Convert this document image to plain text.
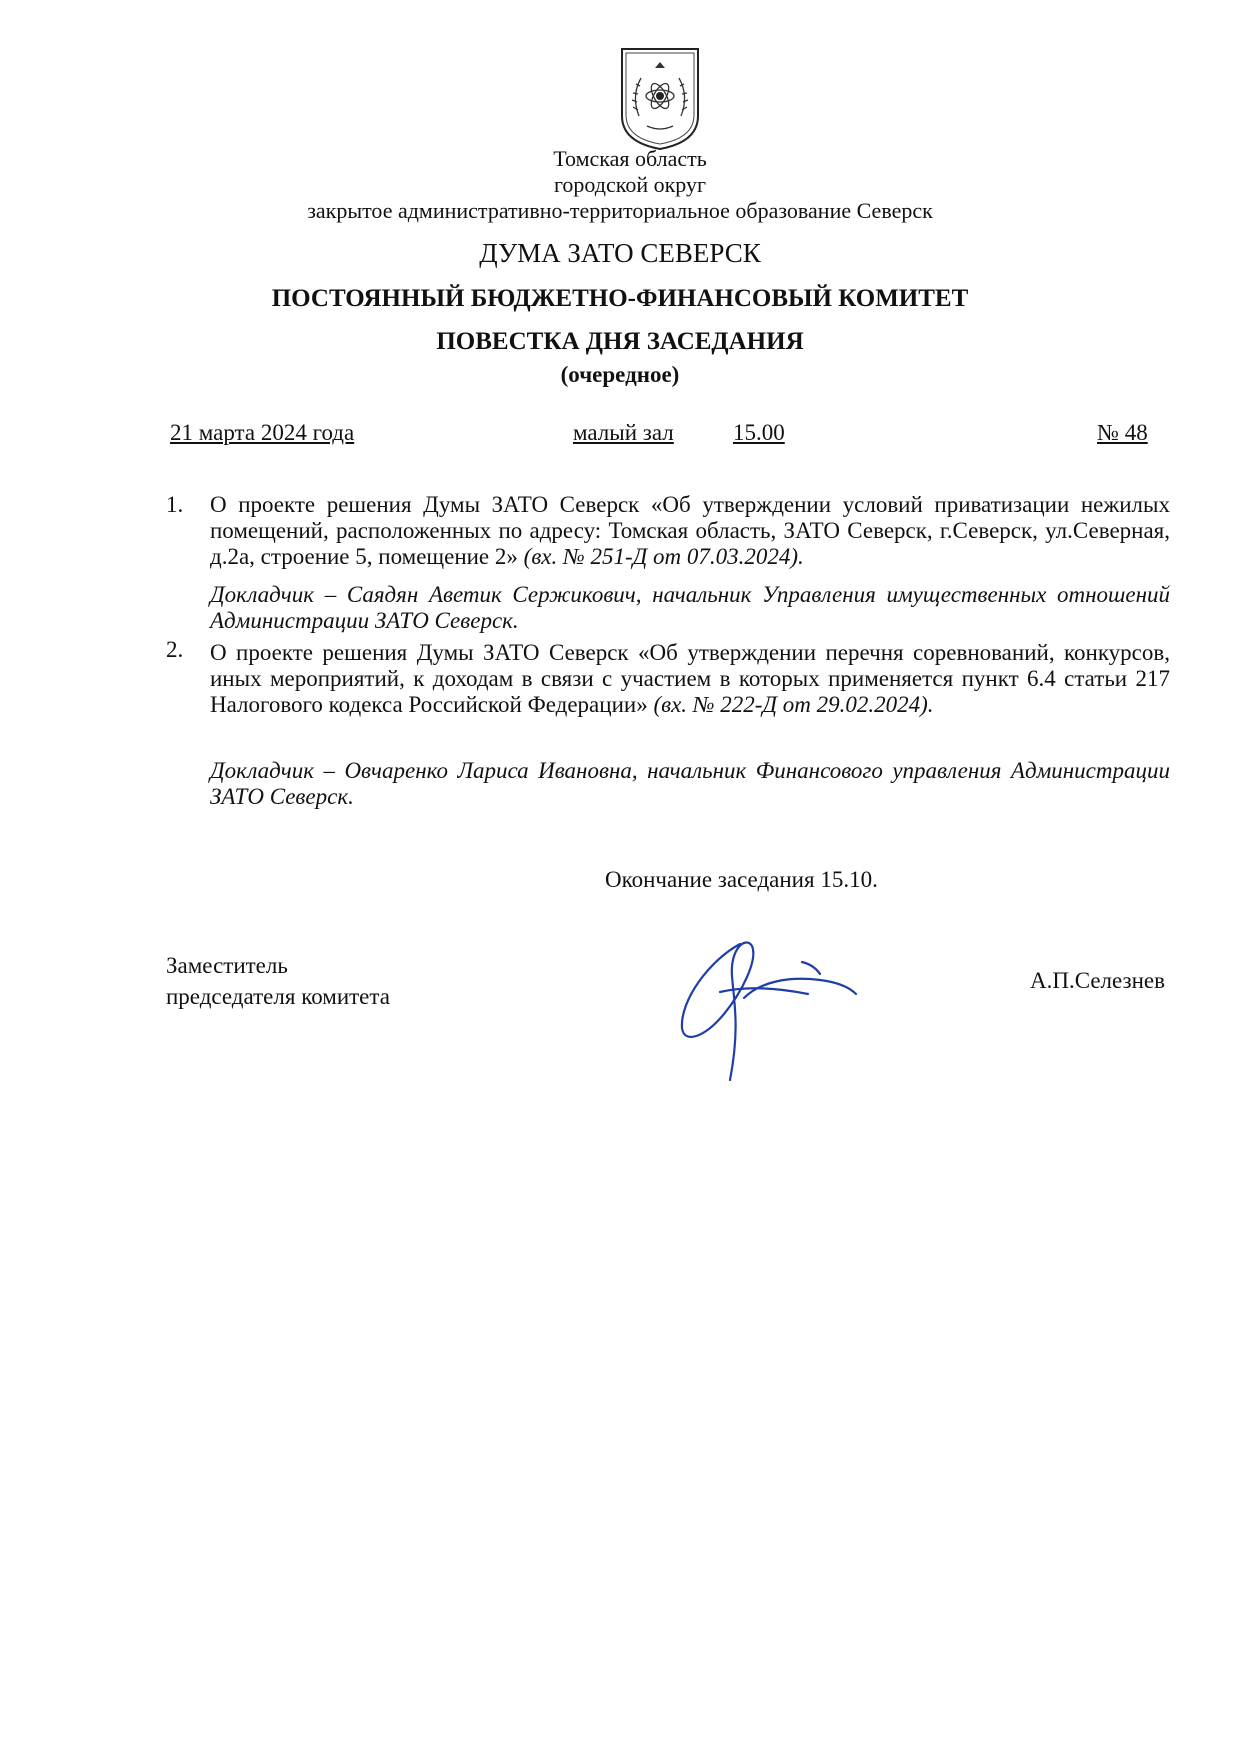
Томская область
городской округ
закрытое административно-территориальное образование Северск
ДУМА ЗАТО СЕВЕРСК
ПОСТОЯННЫЙ БЮДЖЕТНО-ФИНАНСОВЫЙ КОМИТЕТ
ПОВЕСТКА ДНЯ ЗАСЕДАНИЯ
(очередное)
21 марта 2024 года	малый зал	15.00	№ 48
1. О проекте решения Думы ЗАТО Северск «Об утверждении условий приватизации нежилых помещений, расположенных по адресу: Томская область, ЗАТО Северск, г.Северск, ул.Северная, д.2а, строение 5, помещение 2» (вх. № 251-Д от 07.03.2024).
Докладчик – Саядян Аветик Сержикович, начальник Управления имущественных отношений Администрации ЗАТО Северск.
2. О проекте решения Думы ЗАТО Северск «Об утверждении перечня соревнований, конкурсов, иных мероприятий, к доходам в связи с участием в которых применяется пункт 6.4 статьи 217 Налогового кодекса Российской Федерации» (вх. № 222-Д от 29.02.2024).
Докладчик – Овчаренко Лариса Ивановна, начальник Финансового управления Администрации ЗАТО Северск.
Окончание заседания 15.10.
Заместитель
председателя комитета
А.П.Селезнев
